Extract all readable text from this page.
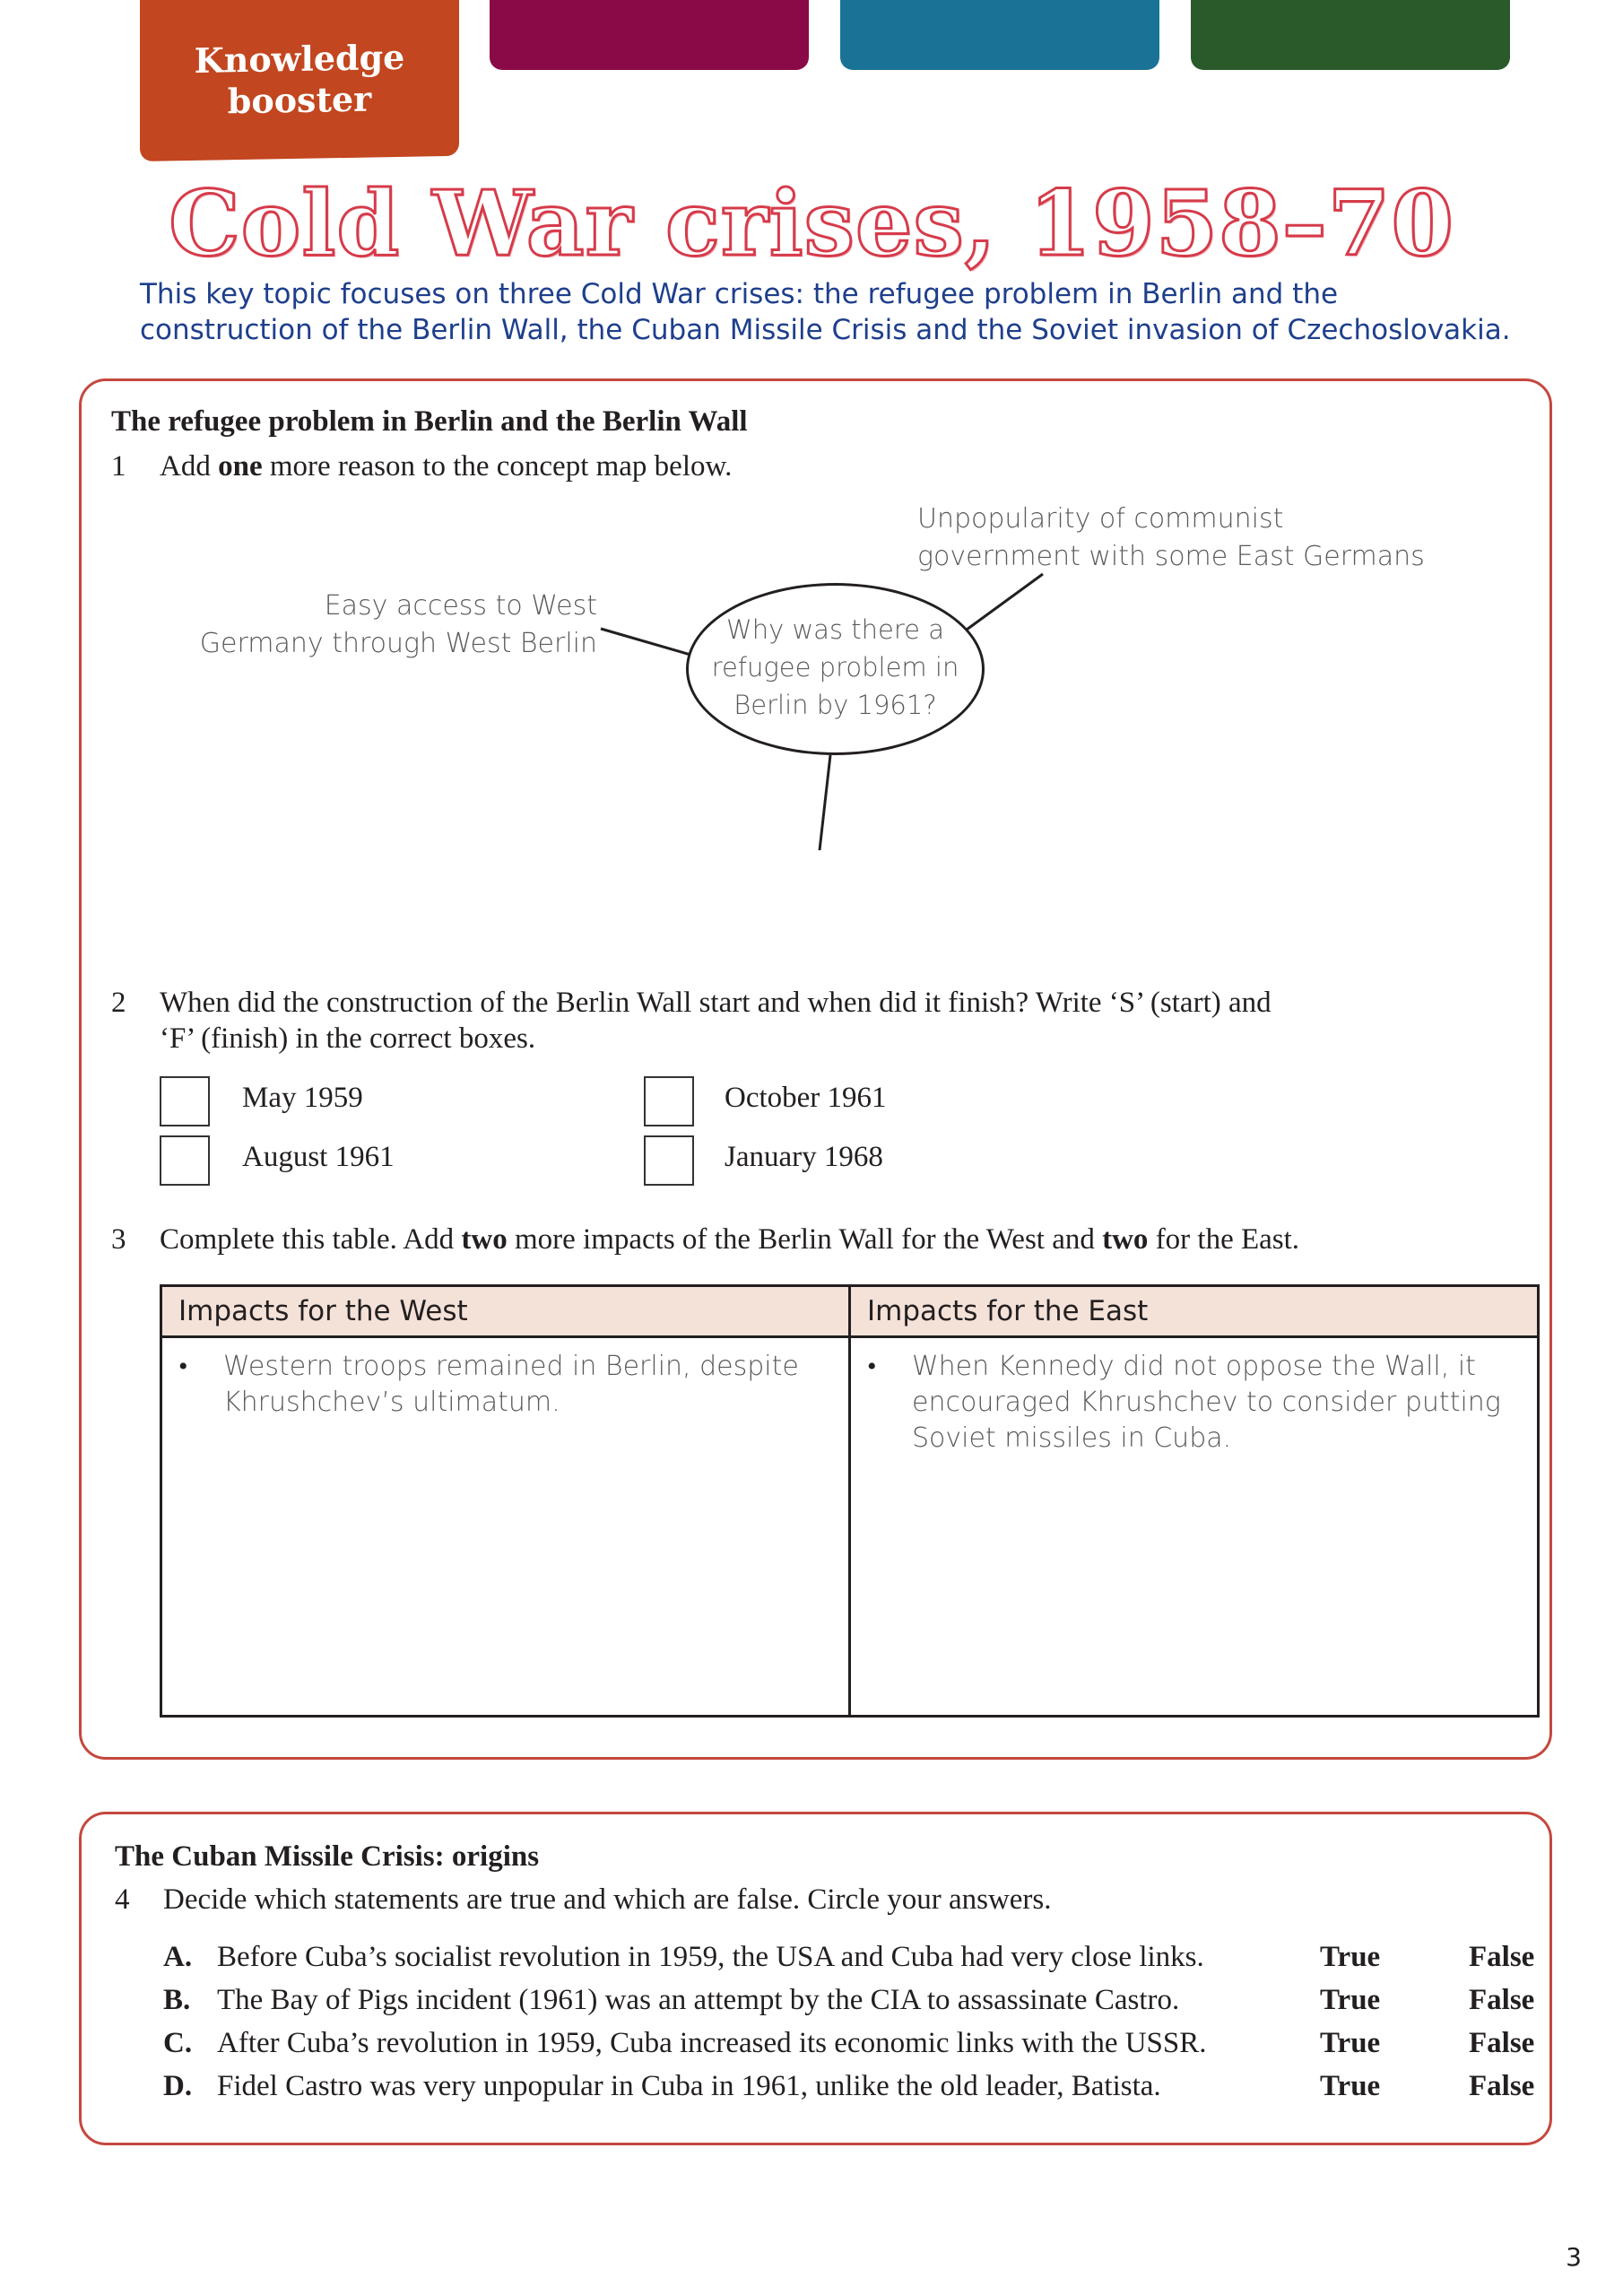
Knowledge
booster
Cold War crises, 1958–70
This key topic focuses on three Cold War crises: the refugee problem in Berlin and the construction of the Berlin Wall, the Cuban Missile Crisis and the Soviet invasion of Czechoslovakia.
The refugee problem in Berlin and the Berlin Wall
1 Add one more reason to the concept map below.
Why was there a
refugee problem in
Berlin by 1961?
Easy access to West
Germany through West Berlin
Unpopularity of communist
government with some East Germans
2 When did the construction of the Berlin Wall start and when did it finish? Write ‘S’ (start) and
‘F’ (finish) in the correct boxes.
May 1959
August 1961
October 1961
January 1968
3 Complete this table. Add two more impacts of the Berlin Wall for the West and two for the East.
Impacts for the West	Impacts for the East

• Western troops remained in Berlin, despite Khrushchev’s ultimatum.	• When Kennedy did not oppose the Wall, it encouraged Khrushchev to consider putting Soviet missiles in Cuba.
The Cuban Missile Crisis: origins
4 Decide which statements are true and which are false. Circle your answers.
A. Before Cuba’s socialist revolution in 1959, the USA and Cuba had very close links.	True	False
B. The Bay of Pigs incident (1961) was an attempt by the CIA to assassinate Castro.	True	False
C. After Cuba’s revolution in 1959, Cuba increased its economic links with the USSR.	True	False
D. Fidel Castro was very unpopular in Cuba in 1961, unlike the old leader, Batista.	True	False
3
